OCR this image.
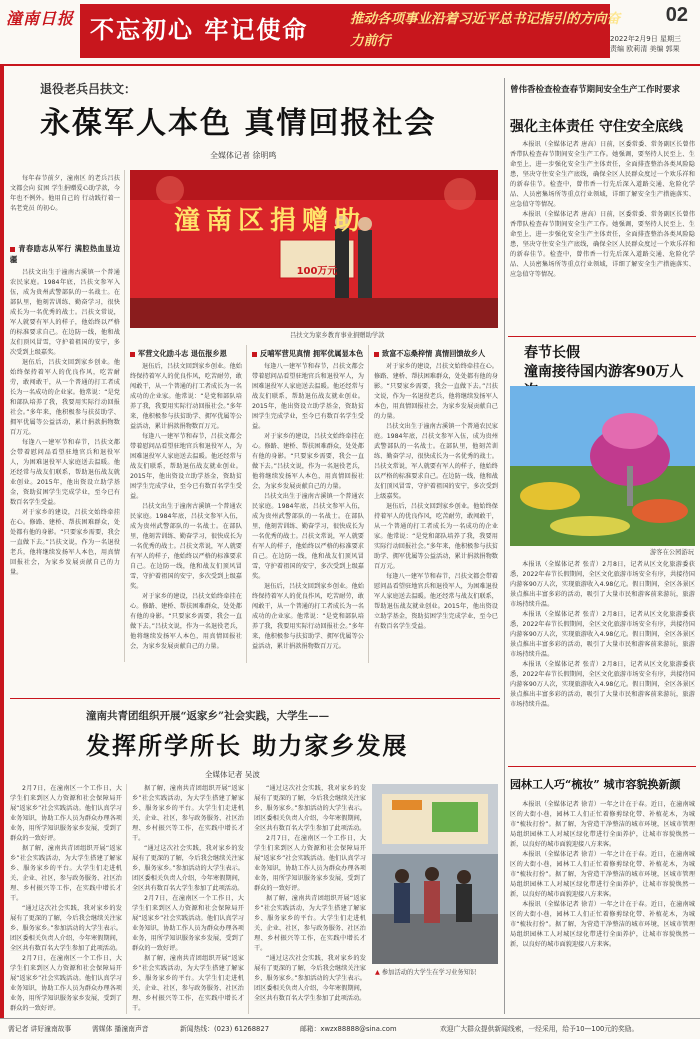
潼南日报 不忘初心 牢记使命	推动各项事业沿着习近平总书记指引的方向奋力前行
02
2022年2月9日 星期三
责编 欧莉清 美编 郭果
退役老兵吕扶文：
永葆军人本色 真情回报社会
全媒体记者 徐明鸣

每年春节前夕，潼南区 的老兵吕扶文都会向 贫困 学生捐赠爱心助学款，今 年也不例外。他用自己的 行动践行着一名老党员 的初心。	潼南区捐赠助
100万元
吕扶文为家乡教育事业捐赠助学款
青春励志从军行 满腔热血显边疆

吕扶文出生于潼南古溪镇一个普通农民家庭。1984年底，吕扶文参军入伍，成为贵州武警部队的一名战士。在部队里，他刻苦训练、勤奋学习，很快成长为一名优秀的战士。吕扶文常说，军人就要有军人的样子，他始终以严格的标准要求自己。在边防一线，他和战友们顶风冒雪，守护着祖国的安宁，多次受到上级嘉奖。

退伍后，吕扶文回到家乡创业。他始终保持着军人的优良作风，吃苦耐劳，敢闯敢干，从一个普通的打工者成长为一名成功的企业家。他常说：“是党和部队培养了我，我要用实际行动回报社会。”多年来，他积极参与扶贫助学、拥军优属等公益活动，累计捐款捐物数百万元。

每逢八一建军节和春节，吕扶文都会带着慰问品看望驻地官兵和退役军人，为困难退役军人家庭送去温暖。他还经常与战友们联系，帮助退伍战友就业创业。2015年，他出资设立助学基金，资助贫困学生完成学业，至今已有数百名学生受益。

对于家乡的建设，吕扶文始终牵挂在心。修路、建桥、帮扶困难群众，处处都有他的身影。“只要家乡需要，我会一直做下去。”吕扶文说，作为一名退役老兵，他将继续发扬军人本色，用真情回报社会，为家乡发展贡献自己的力量。

军营文化励斗志 退伍报乡恩

退伍后，吕扶文回到家乡创业。他始终保持着军人的优良作风，吃苦耐劳，敢闯敢干，从一个普通的打工者成长为一名成功的企业家。他常说：“是党和部队培养了我，我要用实际行动回报社会。”多年来，他积极参与扶贫助学、拥军优属等公益活动，累计捐款捐物数百万元。

每逢八一建军节和春节，吕扶文都会带着慰问品看望驻地官兵和退役军人，为困难退役军人家庭送去温暖。他还经常与战友们联系，帮助退伍战友就业创业。2015年，他出资设立助学基金，资助贫困学生完成学业，至今已有数百名学生受益。

吕扶文出生于潼南古溪镇一个普通农民家庭。1984年底，吕扶文参军入伍，成为贵州武警部队的一名战士。在部队里，他刻苦训练、勤奋学习，很快成长为一名优秀的战士。吕扶文常说，军人就要有军人的样子，他始终以严格的标准要求自己。在边防一线，他和战友们顶风冒雪，守护着祖国的安宁，多次受到上级嘉奖。

对于家乡的建设，吕扶文始终牵挂在心。修路、建桥、帮扶困难群众，处处都有他的身影。“只要家乡需要，我会一直做下去。”吕扶文说，作为一名退役老兵，他将继续发扬军人本色，用真情回报社会，为家乡发展贡献自己的力量。

反哺军营见真情 拥军优属显本色

每逢八一建军节和春节，吕扶文都会带着慰问品看望驻地官兵和退役军人，为困难退役军人家庭送去温暖。他还经常与战友们联系，帮助退伍战友就业创业。2015年，他出资设立助学基金，资助贫困学生完成学业，至今已有数百名学生受益。

对于家乡的建设，吕扶文始终牵挂在心。修路、建桥、帮扶困难群众，处处都有他的身影。“只要家乡需要，我会一直做下去。”吕扶文说，作为一名退役老兵，他将继续发扬军人本色，用真情回报社会，为家乡发展贡献自己的力量。

吕扶文出生于潼南古溪镇一个普通农民家庭。1984年底，吕扶文参军入伍，成为贵州武警部队的一名战士。在部队里，他刻苦训练、勤奋学习，很快成长为一名优秀的战士。吕扶文常说，军人就要有军人的样子，他始终以严格的标准要求自己。在边防一线，他和战友们顶风冒雪，守护着祖国的安宁，多次受到上级嘉奖。

退伍后，吕扶文回到家乡创业。他始终保持着军人的优良作风，吃苦耐劳，敢闯敢干，从一个普通的打工者成长为一名成功的企业家。他常说：“是党和部队培养了我，我要用实际行动回报社会。”多年来，他积极参与扶贫助学、拥军优属等公益活动，累计捐款捐物数百万元。

致富不忘桑梓情 真情回馈故乡人

对于家乡的建设，吕扶文始终牵挂在心。修路、建桥、帮扶困难群众，处处都有他的身影。“只要家乡需要，我会一直做下去。”吕扶文说，作为一名退役老兵，他将继续发扬军人本色，用真情回报社会，为家乡发展贡献自己的力量。

吕扶文出生于潼南古溪镇一个普通农民家庭。1984年底，吕扶文参军入伍，成为贵州武警部队的一名战士。在部队里，他刻苦训练、勤奋学习，很快成长为一名优秀的战士。吕扶文常说，军人就要有军人的样子，他始终以严格的标准要求自己。在边防一线，他和战友们顶风冒雪，守护着祖国的安宁，多次受到上级嘉奖。

退伍后，吕扶文回到家乡创业。他始终保持着军人的优良作风，吃苦耐劳，敢闯敢干，从一个普通的打工者成长为一名成功的企业家。他常说：“是党和部队培养了我，我要用实际行动回报社会。”多年来，他积极参与扶贫助学、拥军优属等公益活动，累计捐款捐物数百万元。

每逢八一建军节和春节，吕扶文都会带着慰问品看望驻地官兵和退役军人，为困难退役军人家庭送去温暖。他还经常与战友们联系，帮助退伍战友就业创业。2015年，他出资设立助学基金，资助贫困学生完成学业，至今已有数百名学生受益。

潼南共青团组织开展“返家乡”社会实践，大学生——
发挥所学所长 助力家乡发展
全媒体记者 吴波

2月7日，在潼南区一个工作日，大学生们来到区人力资源和社会保障局开展“返家乡”社会实践活动。他们认真学习业务知识，协助工作人员为群众办理各项业务，用所学知识服务家乡发展，受到了群众的一致好评。

据了解，潼南共青团组织开展“返家乡”社会实践活动，为大学生搭建了解家乡、服务家乡的平台。大学生们走进机关、企业、社区，参与政务服务、社区治理、乡村振兴等工作，在实践中增长才干。

“通过这次社会实践，我对家乡的发展有了更深的了解，今后我会继续关注家乡、服务家乡。”参加活动的大学生表示。团区委相关负责人介绍，今年寒假期间，全区共有数百名大学生参加了此项活动。

2月7日，在潼南区一个工作日，大学生们来到区人力资源和社会保障局开展“返家乡”社会实践活动。他们认真学习业务知识，协助工作人员为群众办理各项业务，用所学知识服务家乡发展，受到了群众的一致好评。

据了解，潼南共青团组织开展“返家乡”社会实践活动，为大学生搭建了解家乡、服务家乡的平台。大学生们走进机关、企业、社区，参与政务服务、社区治理、乡村振兴等工作，在实践中增长才干。

“通过这次社会实践，我对家乡的发展有了更深的了解，今后我会继续关注家乡、服务家乡。”参加活动的大学生表示。团区委相关负责人介绍，今年寒假期间，全区共有数百名大学生参加了此项活动。

2月7日，在潼南区一个工作日，大学生们来到区人力资源和社会保障局开展“返家乡”社会实践活动。他们认真学习业务知识，协助工作人员为群众办理各项业务，用所学知识服务家乡发展，受到了群众的一致好评。

据了解，潼南共青团组织开展“返家乡”社会实践活动，为大学生搭建了解家乡、服务家乡的平台。大学生们走进机关、企业、社区，参与政务服务、社区治理、乡村振兴等工作，在实践中增长才干。

“通过这次社会实践，我对家乡的发展有了更深的了解，今后我会继续关注家乡、服务家乡。”参加活动的大学生表示。团区委相关负责人介绍，今年寒假期间，全区共有数百名大学生参加了此项活动。

2月7日，在潼南区一个工作日，大学生们来到区人力资源和社会保障局开展“返家乡”社会实践活动。他们认真学习业务知识，协助工作人员为群众办理各项业务，用所学知识服务家乡发展，受到了群众的一致好评。

据了解，潼南共青团组织开展“返家乡”社会实践活动，为大学生搭建了解家乡、服务家乡的平台。大学生们走进机关、企业、社区，参与政务服务、社区治理、乡村振兴等工作，在实践中增长才干。

“通过这次社会实践，我对家乡的发展有了更深的了解，今后我会继续关注家乡、服务家乡。”参加活动的大学生表示。团区委相关负责人介绍，今年寒假期间，全区共有数百名大学生参加了此项活动。

▲ 参加活动的大学生在学习业务知识
曾伟香检查检查春节期间安全生产工作时要求
强化主体责任 守住安全底线

本报讯（全媒体记者 唐高）日前，区委常委、常务副区长曾伟香带队检查春节期间安全生产工作。她强调，要坚持人民至上、生命至上，进一步强化安全生产主体责任，全面排查整治各类风险隐患，坚决守住安全生产底线，确保全区人民群众度过一个欢乐祥和的新春佳节。检查中，曾伟香一行先后深入道路交通、危险化学品、人员密集场所等重点行业领域，详细了解安全生产措施落实、应急值守等情况。

本报讯（全媒体记者 唐高）日前，区委常委、常务副区长曾伟香带队检查春节期间安全生产工作。她强调，要坚持人民至上、生命至上，进一步强化安全生产主体责任，全面排查整治各类风险隐患，坚决守住安全生产底线，确保全区人民群众度过一个欢乐祥和的新春佳节。检查中，曾伟香一行先后深入道路交通、危险化学品、人员密集场所等重点行业领域，详细了解安全生产措施落实、应急值守等情况。

春节长假
潼南接待国内游客90万人
游客在公园游玩

本报讯（全媒体记者 张青）2月8日，记者从区文化旅游委获悉，2022年春节长假期间，全区文化旅游市场安全有序，共接待国内游客90万人次，实现旅游收入4.98亿元。假日期间，全区各景区景点推出丰富多彩的活动，吸引了大量市民和游客前来游玩，旅游市场持续升温。

本报讯（全媒体记者 张青）2月8日，记者从区文化旅游委获悉，2022年春节长假期间，全区文化旅游市场安全有序，共接待国内游客90万人次，实现旅游收入4.98亿元。假日期间，全区各景区景点推出丰富多彩的活动，吸引了大量市民和游客前来游玩，旅游市场持续升温。

本报讯（全媒体记者 张青）2月8日，记者从区文化旅游委获悉，2022年春节长假期间，全区文化旅游市场安全有序，共接待国内游客90万人次，实现旅游收入4.98亿元。假日期间，全区各景区景点推出丰富多彩的活动，吸引了大量市民和游客前来游玩，旅游市场持续升温。

园林工人巧“梳妆” 城市容貌换新颜

本报讯（全媒体记者 徐青）一年之计在于春。近日，在潼南城区的大街小巷，园林工人们正忙着修剪绿化带、补植花木，为城市“梳妆打扮”。据了解，为营造干净整洁的城市环境，区城市管理局组织园林工人对城区绿化带进行全面养护，让城市容貌焕然一新，以良好的城市面貌迎接八方来客。

本报讯（全媒体记者 徐青）一年之计在于春。近日，在潼南城区的大街小巷，园林工人们正忙着修剪绿化带、补植花木，为城市“梳妆打扮”。据了解，为营造干净整洁的城市环境，区城市管理局组织园林工人对城区绿化带进行全面养护，让城市容貌焕然一新，以良好的城市面貌迎接八方来客。

本报讯（全媒体记者 徐青）一年之计在于春。近日，在潼南城区的大街小巷，园林工人们正忙着修剪绿化带、补植花木，为城市“梳妆打扮”。据了解，为营造干净整洁的城市环境，区城市管理局组织园林工人对城区绿化带进行全面养护，让城市容貌焕然一新，以良好的城市面貌迎接八方来客。

需记者 讲好潼南故事	需媒体 播潼南声音	新闻热线：(023) 61268827	邮箱：xwzx88888@sina.com	欢迎广大群众提供新闻线索，一经采用，给予10—100元的奖励。
